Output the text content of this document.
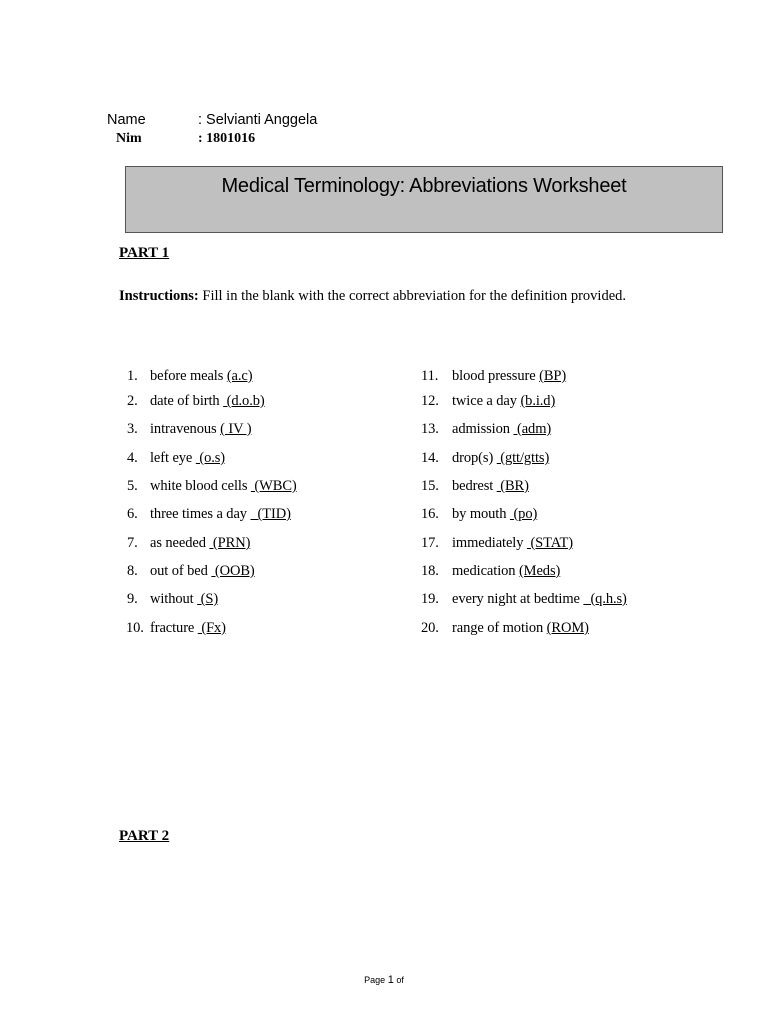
Name	: Selvianti Anggela
Nim	: 1801016
Medical Terminology: Abbreviations Worksheet
PART 1
Instructions: Fill in the blank with the correct abbreviation for the definition provided.
1. before meals (a.c)
2. date of birth  (d.o.b)
3. intravenous ( IV )
4. left eye  (o.s)
5. white blood cells  (WBC)
6. three times a day   (TID)
7. as needed  (PRN)
8. out of bed  (OOB)
9. without  (S)
10. fracture  (Fx)
11. blood pressure (BP)
12. twice a day (b.i.d)
13. admission  (adm)
14. drop(s)  (gtt/gtts)
15. bedrest  (BR)
16. by mouth  (po)
17. immediately  (STAT)
18. medication (Meds)
19. every night at bedtime   (q.h.s)
20. range of motion (ROM)
PART 2
Page 1 of
